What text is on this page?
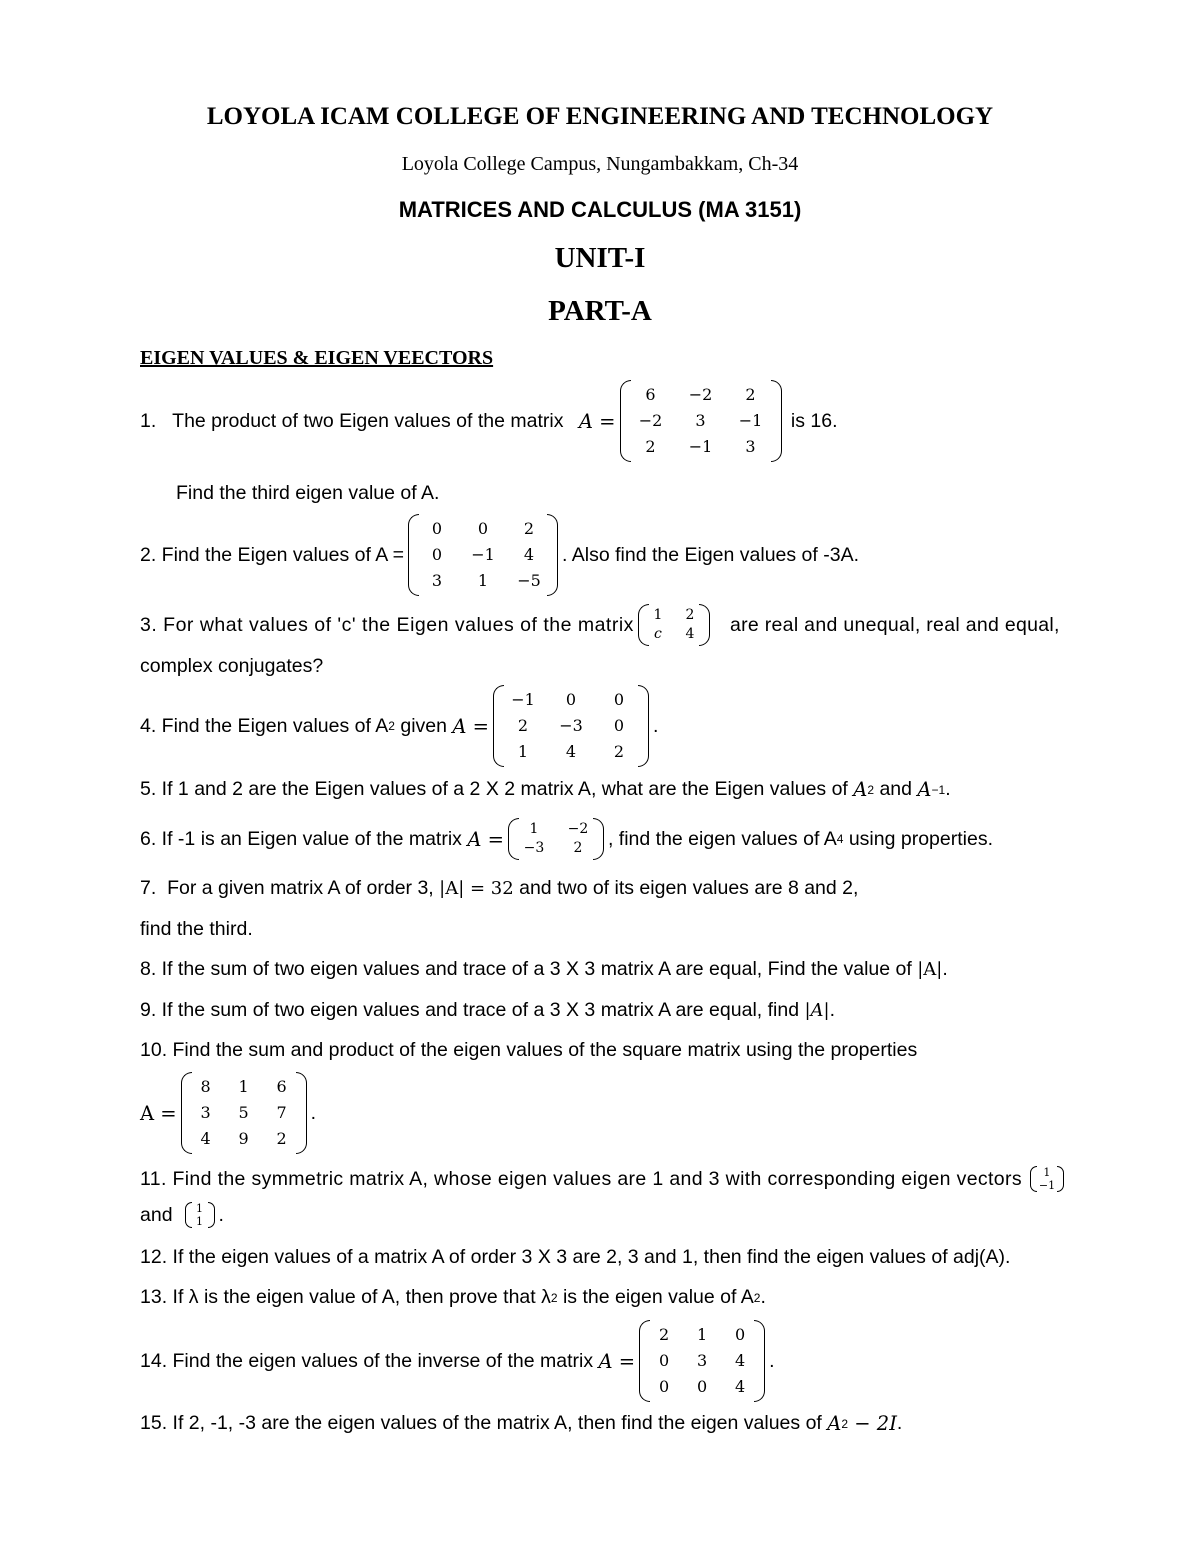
LOYOLA ICAM COLLEGE OF ENGINEERING AND TECHNOLOGY
Loyola College Campus, Nungambakkam, Ch-34
MATRICES AND CALCULUS (MA 3151)
UNIT-I
PART-A
EIGEN VALUES & EIGEN VEECTORS
1.   The product of two Eigen values of the matrix A =
6	−2	2
−2	3	−1
2	−1	3
is 16.
Find the third eigen value of A.
2. Find the Eigen values of A =
0	0	2
0	−1	4
3	1	−5
. Also find the Eigen values of -3A.
3. For what values of 'c' the Eigen values of the matrix 1 2
c 4 are real and unequal, real and equal,
complex conjugates?
4. Find the Eigen values of A 2 given A =
−1	0	0
2	−3	0
1	4	2
.
5. If 1 and 2 are the Eigen values of a 2 X 2 matrix A, what are the Eigen values of A 2 and A −1 .
6. If -1 is an Eigen value of the matrix A =	1	−2
−3	2	, find the eigen values of A 4 using properties.
7.  For a given matrix A of order 3, |A| = 32 and two of its eigen values are 8 and 2,
find the third.
8. If the sum of two eigen values and trace of a 3 X 3 matrix A are equal, Find the value of |A| .
9. If the sum of two eigen values and trace of a 3 X 3 matrix A are equal, find |A| .
10. Find the sum and product of the eigen values of the square matrix using the properties
A =
8	1	6
3	5	7
4	9	2
.
11. Find the symmetric matrix A, whose eigen values are 1 and 3 with corresponding eigen vectors	1
−1
and 1
1 .
12. If the eigen values of a matrix A of order 3 X 3 are 2, 3 and 1, then find the eigen values of adj(A).
13. If λ is the eigen value of A, then prove that λ 2 is the eigen value of A 2 .
14. Find the eigen values of the inverse of the matrix A =
2	1	0
0	3	4
0	0	4
.
15. If 2, -1, -3 are the eigen values of the matrix A, then find the eigen values of A 2 − 2I .
